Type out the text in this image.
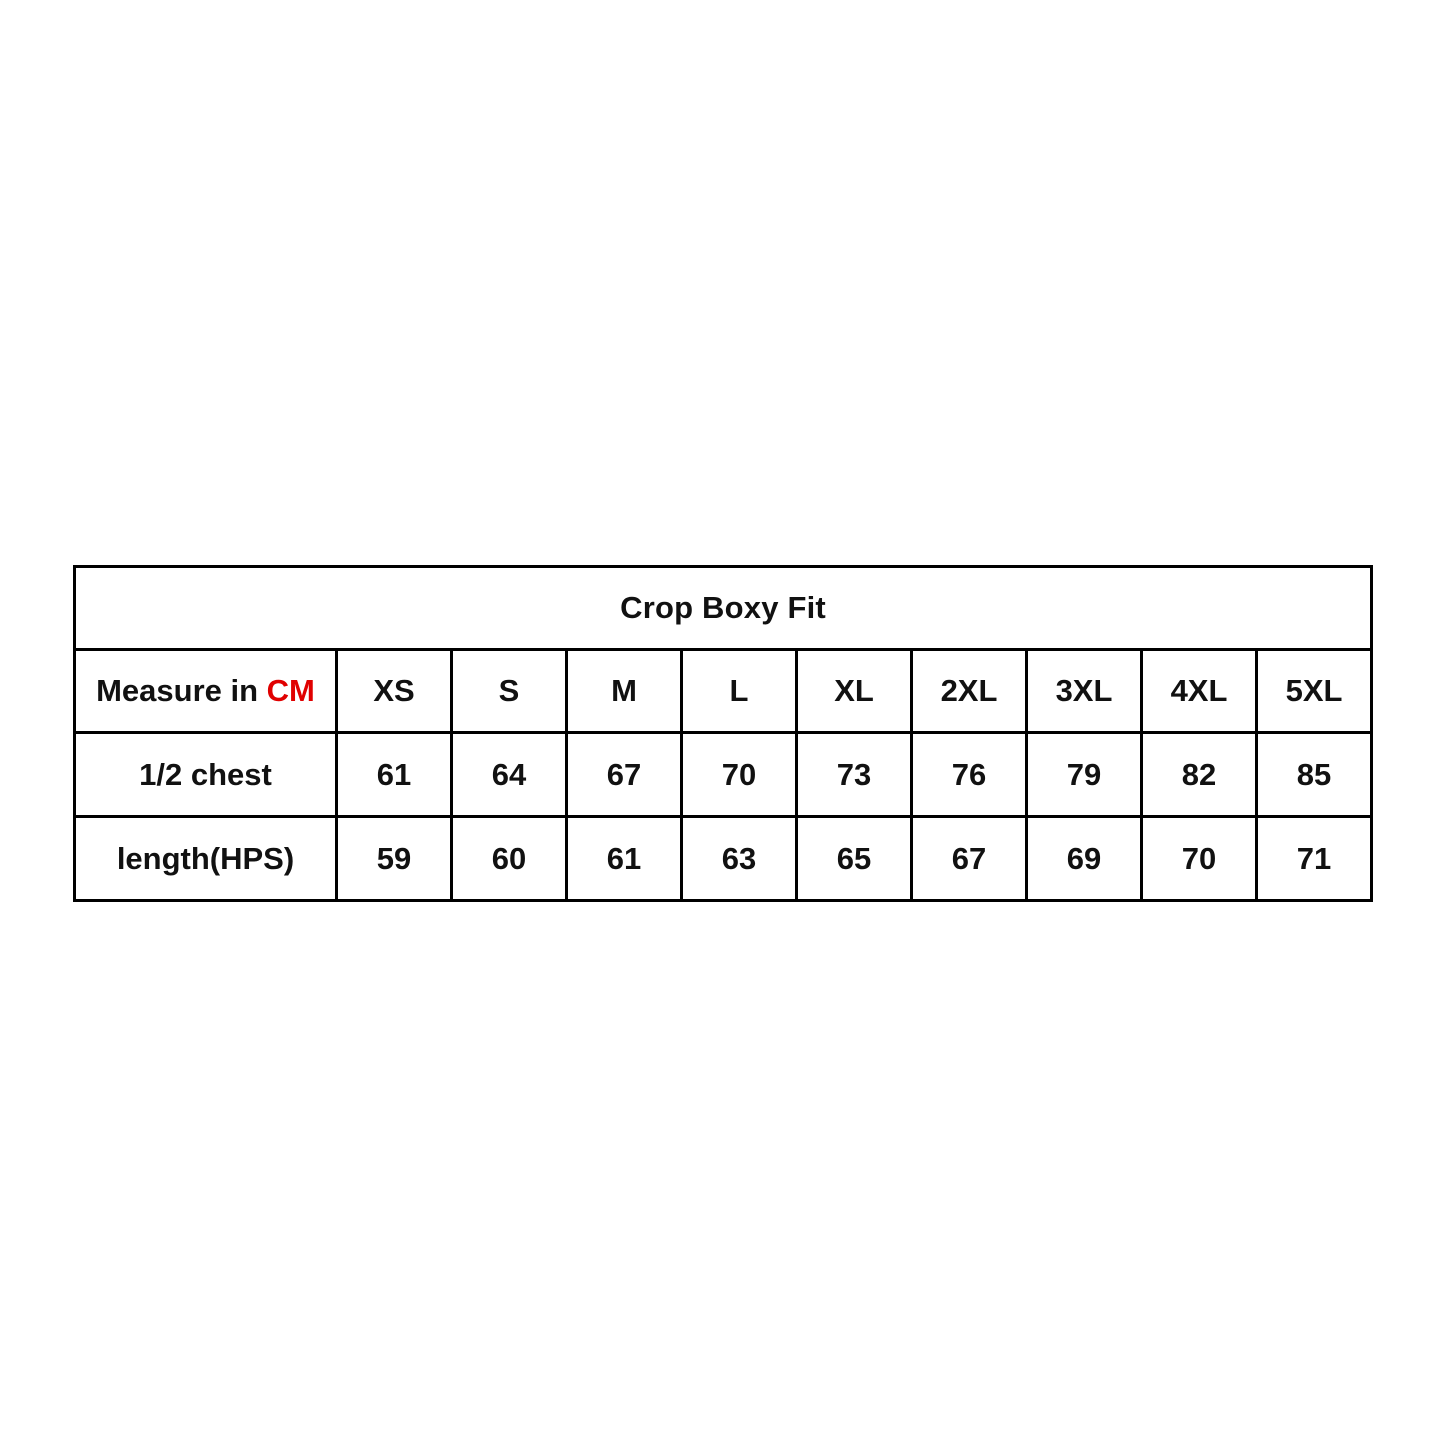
Crop Boxy Fit									
Measure in CM	XS	S	M	L	XL	2XL	3XL	4XL	5XL
1/2 chest	61	64	67	70	73	76	79	82	85
length(HPS)	59	60	61	63	65	67	69	70	71
